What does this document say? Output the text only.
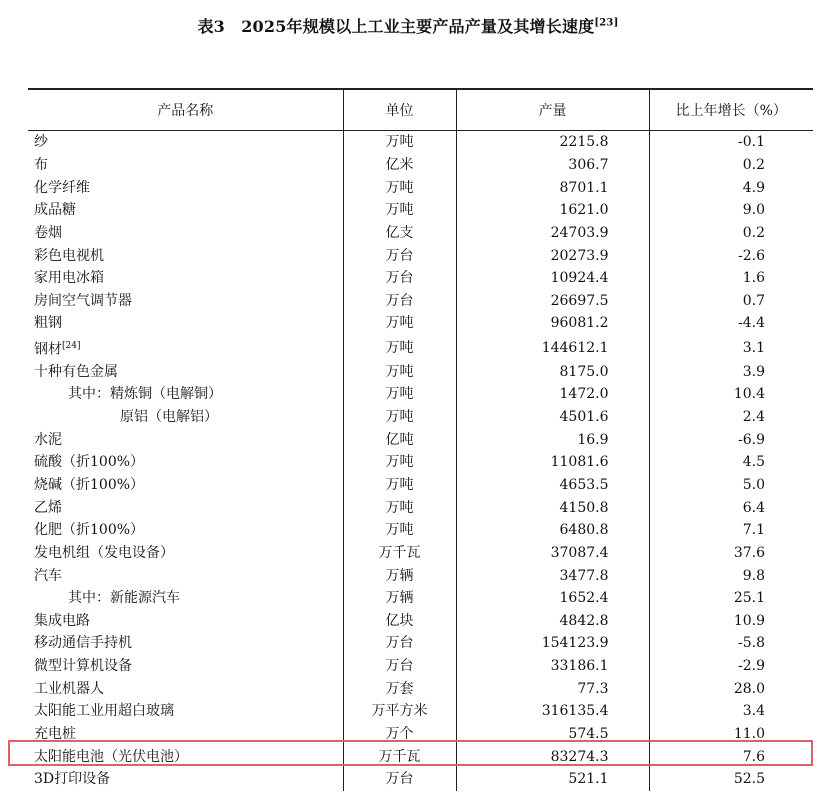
表3　2025年规模以上工业主要产品产量及其增长速度[23]
产品名称	单位	产量	比上年增长（%）
纱	万吨	2215.8	-0.1
布	亿米	306.7	0.2
化学纤维	万吨	8701.1	4.9
成品糖	万吨	1621.0	9.0
卷烟	亿支	24703.9	0.2
彩色电视机	万台	20273.9	-2.6
家用电冰箱	万台	10924.4	1.6
房间空气调节器	万台	26697.5	0.7
粗钢	万吨	96081.2	-4.4
钢材[24]	万吨	144612.1	3.1
十种有色金属	万吨	8175.0	3.9
其中：精炼铜（电解铜）	万吨	1472.0	10.4
原铝（电解铝）	万吨	4501.6	2.4
水泥	亿吨	16.9	-6.9
硫酸（折100%）	万吨	11081.6	4.5
烧碱（折100%）	万吨	4653.5	5.0
乙烯	万吨	4150.8	6.4
化肥（折100%）	万吨	6480.8	7.1
发电机组（发电设备）	万千瓦	37087.4	37.6
汽车	万辆	3477.8	9.8
其中：新能源汽车	万辆	1652.4	25.1
集成电路	亿块	4842.8	10.9
移动通信手持机	万台	154123.9	-5.8
微型计算机设备	万台	33186.1	-2.9
工业机器人	万套	77.3	28.0
太阳能工业用超白玻璃	万平方米	316135.4	3.4
充电桩	万个	574.5	11.0
太阳能电池（光伏电池）	万千瓦	83274.3	7.6
3D打印设备	万台	521.1	52.5
